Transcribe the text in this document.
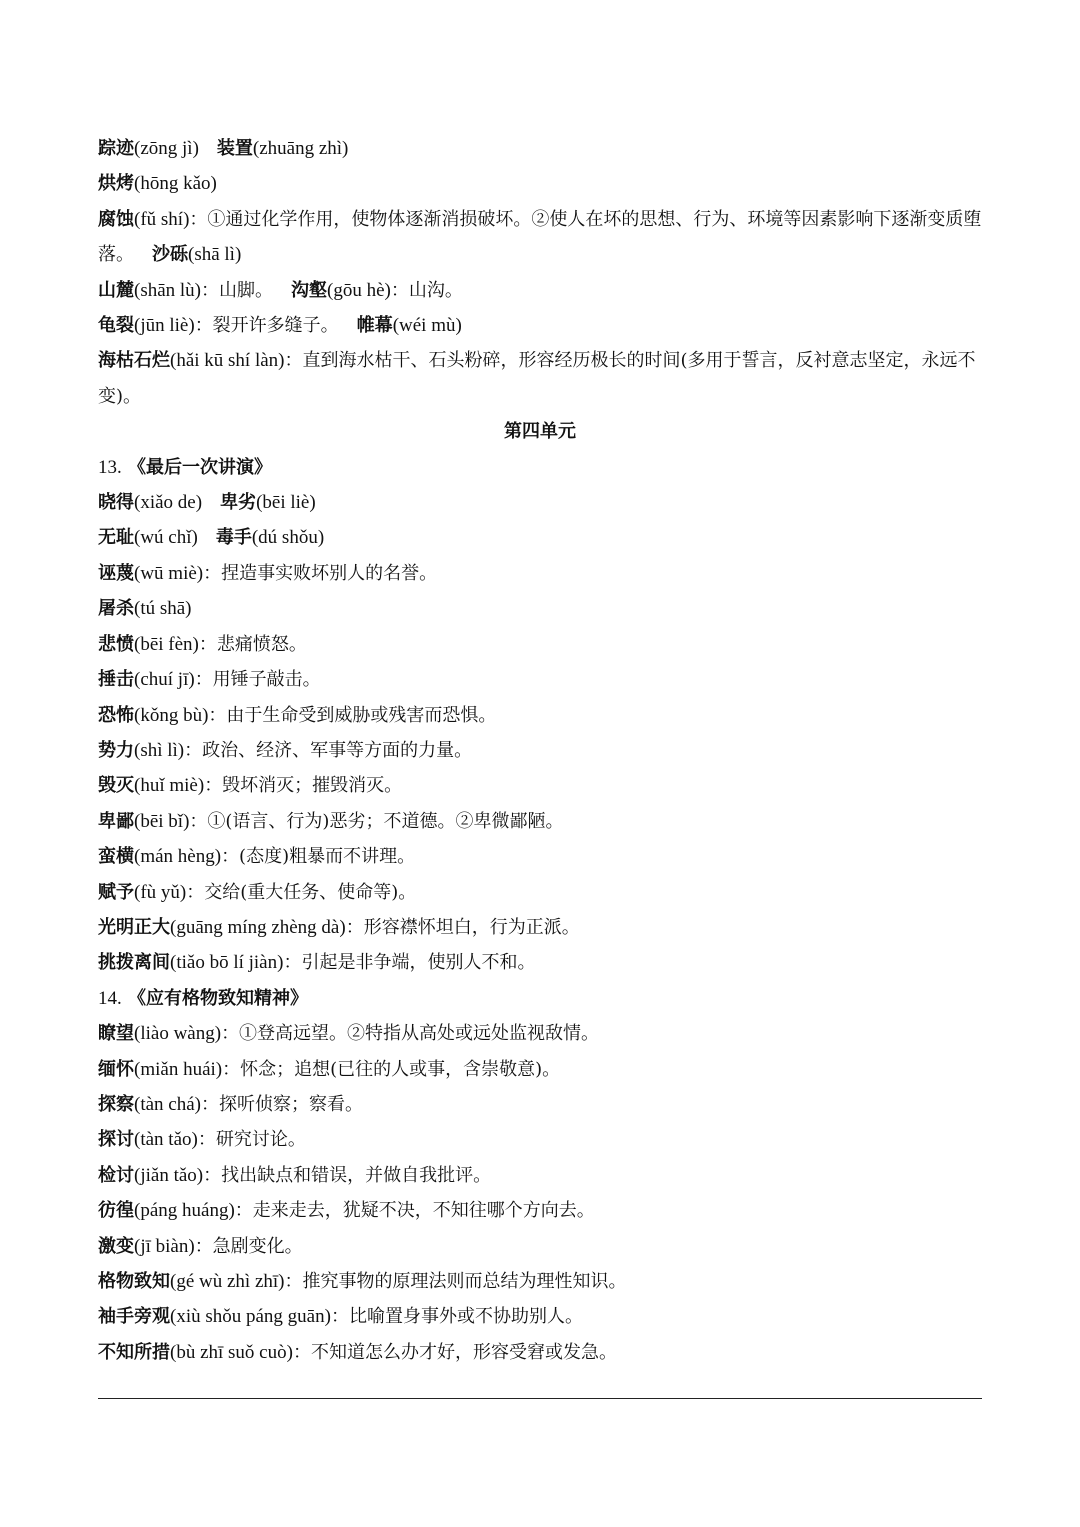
踪迹(zōng jì) 装置(zhuāng zhì)
烘烤(hōng kǎo)
腐蚀(fǔ shí)：①通过化学作用，使物体逐渐消损破坏。②使人在坏的思想、行为、环境等因素影响下逐渐变质堕落。 沙砾(shā lì)
山麓(shān lù)：山脚。 沟壑(gōu hè)：山沟。
龟裂(jūn liè)：裂开许多缝子。 帷幕(wéi mù)
海枯石烂(hǎi kū shí làn)：直到海水枯干、石头粉碎，形容经历极长的时间(多用于誓言，反衬意志坚定，永远不变)。
第四单元
13. 《最后一次讲演》
晓得(xiǎo de) 卑劣(bēi liè)
无耻(wú chǐ) 毒手(dú shǒu)
诬蔑(wū miè)：捏造事实败坏别人的名誉。
屠杀(tú shā)
悲愤(bēi fèn)：悲痛愤怒。
捶击(chuí jī)：用锤子敲击。
恐怖(kǒng bù)：由于生命受到威胁或残害而恐惧。
势力(shì lì)：政治、经济、军事等方面的力量。
毁灭(huǐ miè)：毁坏消灭；摧毁消灭。
卑鄙(bēi bǐ)：①(语言、行为)恶劣；不道德。②卑微鄙陋。
蛮横(mán hèng)：(态度)粗暴而不讲理。
赋予(fù yǔ)：交给(重大任务、使命等)。
光明正大(guāng míng zhèng dà)：形容襟怀坦白，行为正派。
挑拨离间(tiǎo bō lí jiàn)：引起是非争端，使别人不和。
14. 《应有格物致知精神》
瞭望(liào wàng)：①登高远望。②特指从高处或远处监视敌情。
缅怀(miǎn huái)：怀念；追想(已往的人或事，含崇敬意)。
探察(tàn chá)：探听侦察；察看。
探讨(tàn tǎo)：研究讨论。
检讨(jiǎn tǎo)：找出缺点和错误，并做自我批评。
彷徨(páng huáng)：走来走去，犹疑不决，不知往哪个方向去。
激变(jī biàn)：急剧变化。
格物致知(gé wù zhì zhī)：推究事物的原理法则而总结为理性知识。
袖手旁观(xiù shǒu páng guān)：比喻置身事外或不协助别人。
不知所措(bù zhī suǒ cuò)：不知道怎么办才好，形容受窘或发急。
